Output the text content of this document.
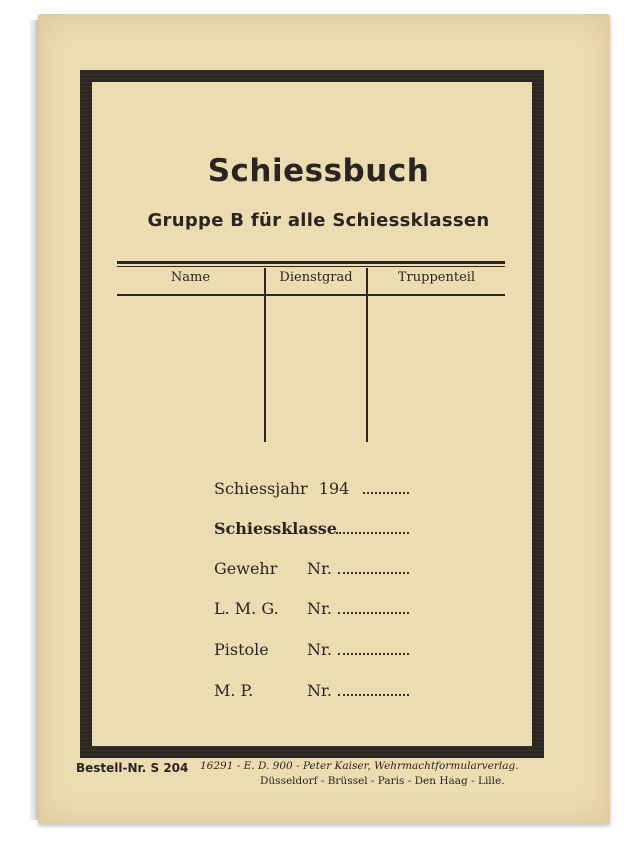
Schiessbuch
Gruppe B für alle Schiessklassen
Name	Dienstgrad	Truppenteil
Schiessjahr 194
Schiessklasse
Gewehr Nr.
L. M. G. Nr.
Pistole Nr.
M. P.	Nr.
Bestell-Nr. S 204 16291 - E. D. 900 - Peter Kaiser, Wehrmachtformularverlag.
Düsseldorf - Brüssel - Paris - Den Haag - Lille.
